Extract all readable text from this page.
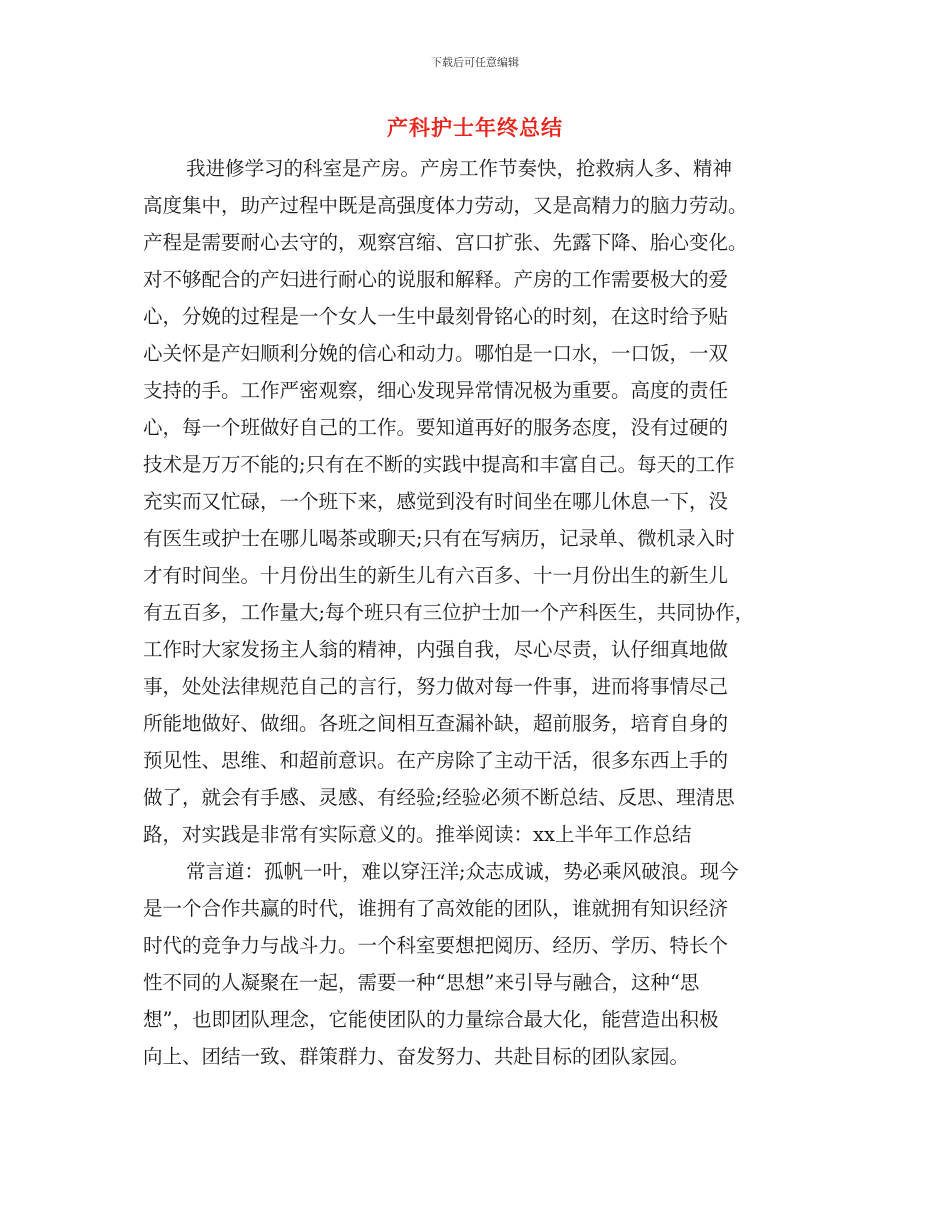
下载后可任意编辑
产科护士年终总结
我进修学习的科室是产房。产房工作节奏快，抢救病人多、精神
高度集中，助产过程中既是高强度体力劳动，又是高精力的脑力劳动。
产程是需要耐心去守的，观察宫缩、宫口扩张、先露下降、胎心变化。
对不够配合的产妇进行耐心的说服和解释。产房的工作需要极大的爱
心，分娩的过程是一个女人一生中最刻骨铭心的时刻，在这时给予贴
心关怀是产妇顺利分娩的信心和动力。哪怕是一口水，一口饭，一双
支持的手。工作严密观察，细心发现异常情况极为重要。高度的责任
心，每一个班做好自己的工作。要知道再好的服务态度，没有过硬的
技术是万万不能的;只有在不断的实践中提高和丰富自己。每天的工作
充实而又忙碌，一个班下来，感觉到没有时间坐在哪儿休息一下，没
有医生或护士在哪儿喝茶或聊天;只有在写病历，记录单、微机录入时
才有时间坐。十月份出生的新生儿有六百多、十一月份出生的新生儿
有五百多，工作量大;每个班只有三位护士加一个产科医生，共同协作，
工作时大家发扬主人翁的精神，内强自我，尽心尽责，认仔细真地做
事，处处法律规范自己的言行，努力做对每一件事，进而将事情尽己
所能地做好、做细。各班之间相互查漏补缺，超前服务，培育自身的
预见性、思维、和超前意识。在产房除了主动干活，很多东西上手的
做了，就会有手感、灵感、有经验;经验必须不断总结、反思、理清思
路，对实践是非常有实际意义的。推举阅读：xx上半年工作总结
常言道：孤帆一叶，难以穿汪洋;众志成诚，势必乘风破浪。现今
是一个合作共赢的时代，谁拥有了高效能的团队，谁就拥有知识经济
时代的竞争力与战斗力。一个科室要想把阅历、经历、学历、特长个
性不同的人凝聚在一起，需要一种“思想”来引导与融合，这种“思
想”，也即团队理念，它能使团队的力量综合最大化，能营造出积极
向上、团结一致、群策群力、奋发努力、共赴目标的团队家园。
